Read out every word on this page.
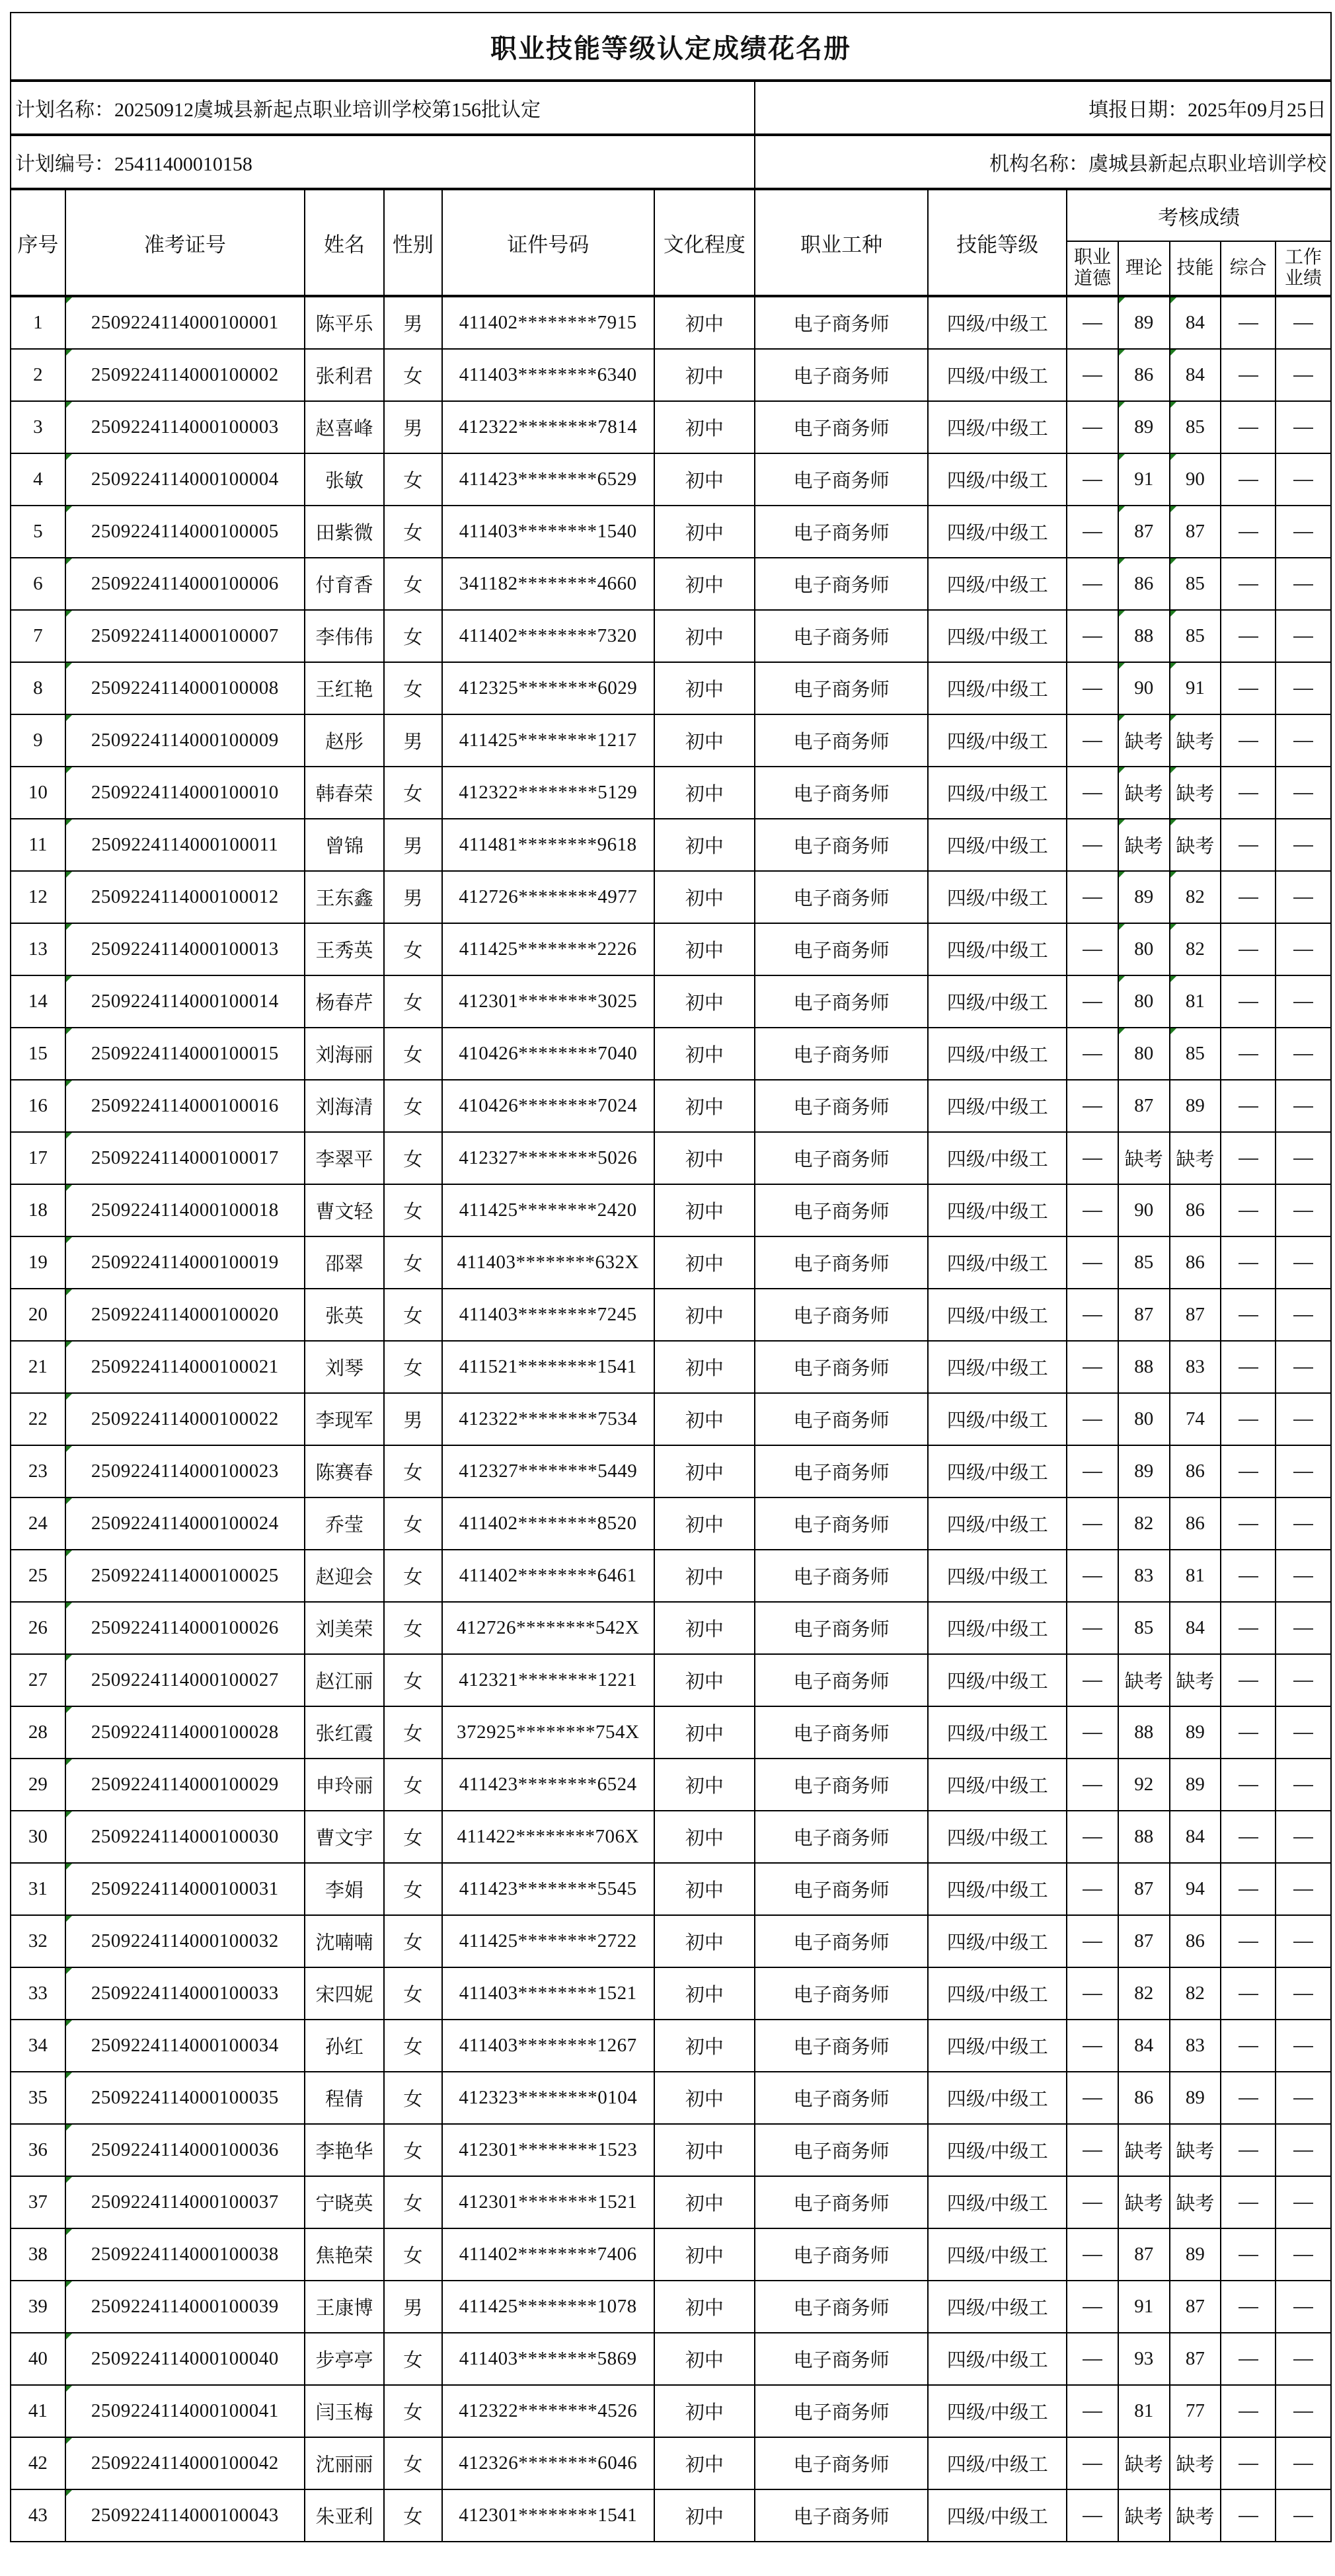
职业技能等级认定成绩花名册												
计划名称：20250912虞城县新起点职业培训学校第156批认定						填报日期：2025年09月25日						
计划编号：25411400010158						机构名称：虞城县新起点职业培训学校						
序号	准考证号	姓名	性别	证件号码	文化程度	职业工种	技能等级	考核成绩				
								职业道德	理论	技能	综合	工作业绩
1	2509224114000100001	陈平乐	男	411402********7915	初中	电子商务师	四级/中级工		89	84		
2	2509224114000100002	张利君	女	411403********6340	初中	电子商务师	四级/中级工		86	84		
3	2509224114000100003	赵喜峰	男	412322********7814	初中	电子商务师	四级/中级工		89	85		
4	2509224114000100004	张敏	女	411423********6529	初中	电子商务师	四级/中级工		91	90		
5	2509224114000100005	田紫微	女	411403********1540	初中	电子商务师	四级/中级工		87	87		
6	2509224114000100006	付育香	女	341182********4660	初中	电子商务师	四级/中级工		86	85		
7	2509224114000100007	李伟伟	女	411402********7320	初中	电子商务师	四级/中级工		88	85		
8	2509224114000100008	王红艳	女	412325********6029	初中	电子商务师	四级/中级工		90	91		
9	2509224114000100009	赵彤	男	411425********1217	初中	电子商务师	四级/中级工		缺考	缺考		
10	2509224114000100010	韩春荣	女	412322********5129	初中	电子商务师	四级/中级工		缺考	缺考		
11	2509224114000100011	曾锦	男	411481********9618	初中	电子商务师	四级/中级工		缺考	缺考		
12	2509224114000100012	王东鑫	男	412726********4977	初中	电子商务师	四级/中级工		89	82		
13	2509224114000100013	王秀英	女	411425********2226	初中	电子商务师	四级/中级工		80	82		
14	2509224114000100014	杨春芹	女	412301********3025	初中	电子商务师	四级/中级工		80	81		
15	2509224114000100015	刘海丽	女	410426********7040	初中	电子商务师	四级/中级工		80	85		
16	2509224114000100016	刘海清	女	410426********7024	初中	电子商务师	四级/中级工		87	89		
17	2509224114000100017	李翠平	女	412327********5026	初中	电子商务师	四级/中级工		缺考	缺考		
18	2509224114000100018	曹文轻	女	411425********2420	初中	电子商务师	四级/中级工		90	86		
19	2509224114000100019	邵翠	女	411403********632X	初中	电子商务师	四级/中级工		85	86		
20	2509224114000100020	张英	女	411403********7245	初中	电子商务师	四级/中级工		87	87		
21	2509224114000100021	刘琴	女	411521********1541	初中	电子商务师	四级/中级工		88	83		
22	2509224114000100022	李现军	男	412322********7534	初中	电子商务师	四级/中级工		80	74		
23	2509224114000100023	陈赛春	女	412327********5449	初中	电子商务师	四级/中级工		89	86		
24	2509224114000100024	乔莹	女	411402********8520	初中	电子商务师	四级/中级工		82	86		
25	2509224114000100025	赵迎会	女	411402********6461	初中	电子商务师	四级/中级工		83	81		
26	2509224114000100026	刘美荣	女	412726********542X	初中	电子商务师	四级/中级工		85	84		
27	2509224114000100027	赵江丽	女	412321********1221	初中	电子商务师	四级/中级工		缺考	缺考		
28	2509224114000100028	张红霞	女	372925********754X	初中	电子商务师	四级/中级工		88	89		
29	2509224114000100029	申玲丽	女	411423********6524	初中	电子商务师	四级/中级工		92	89		
30	2509224114000100030	曹文宇	女	411422********706X	初中	电子商务师	四级/中级工		88	84		
31	2509224114000100031	李娟	女	411423********5545	初中	电子商务师	四级/中级工		87	94		
32	2509224114000100032	沈喃喃	女	411425********2722	初中	电子商务师	四级/中级工		87	86		
33	2509224114000100033	宋四妮	女	411403********1521	初中	电子商务师	四级/中级工		82	82		
34	2509224114000100034	孙红	女	411403********1267	初中	电子商务师	四级/中级工		84	83		
35	2509224114000100035	程倩	女	412323********0104	初中	电子商务师	四级/中级工		86	89		
36	2509224114000100036	李艳华	女	412301********1523	初中	电子商务师	四级/中级工		缺考	缺考		
37	2509224114000100037	宁晓英	女	412301********1521	初中	电子商务师	四级/中级工		缺考	缺考		
38	2509224114000100038	焦艳荣	女	411402********7406	初中	电子商务师	四级/中级工		87	89		
39	2509224114000100039	王康博	男	411425********1078	初中	电子商务师	四级/中级工		91	87		
40	2509224114000100040	步亭亭	女	411403********5869	初中	电子商务师	四级/中级工		93	87		
41	2509224114000100041	闫玉梅	女	412322********4526	初中	电子商务师	四级/中级工		81	77		
42	2509224114000100042	沈丽丽	女	412326********6046	初中	电子商务师	四级/中级工		缺考	缺考		
43	2509224114000100043	朱亚利	女	412301********1541	初中	电子商务师	四级/中级工		缺考	缺考		
